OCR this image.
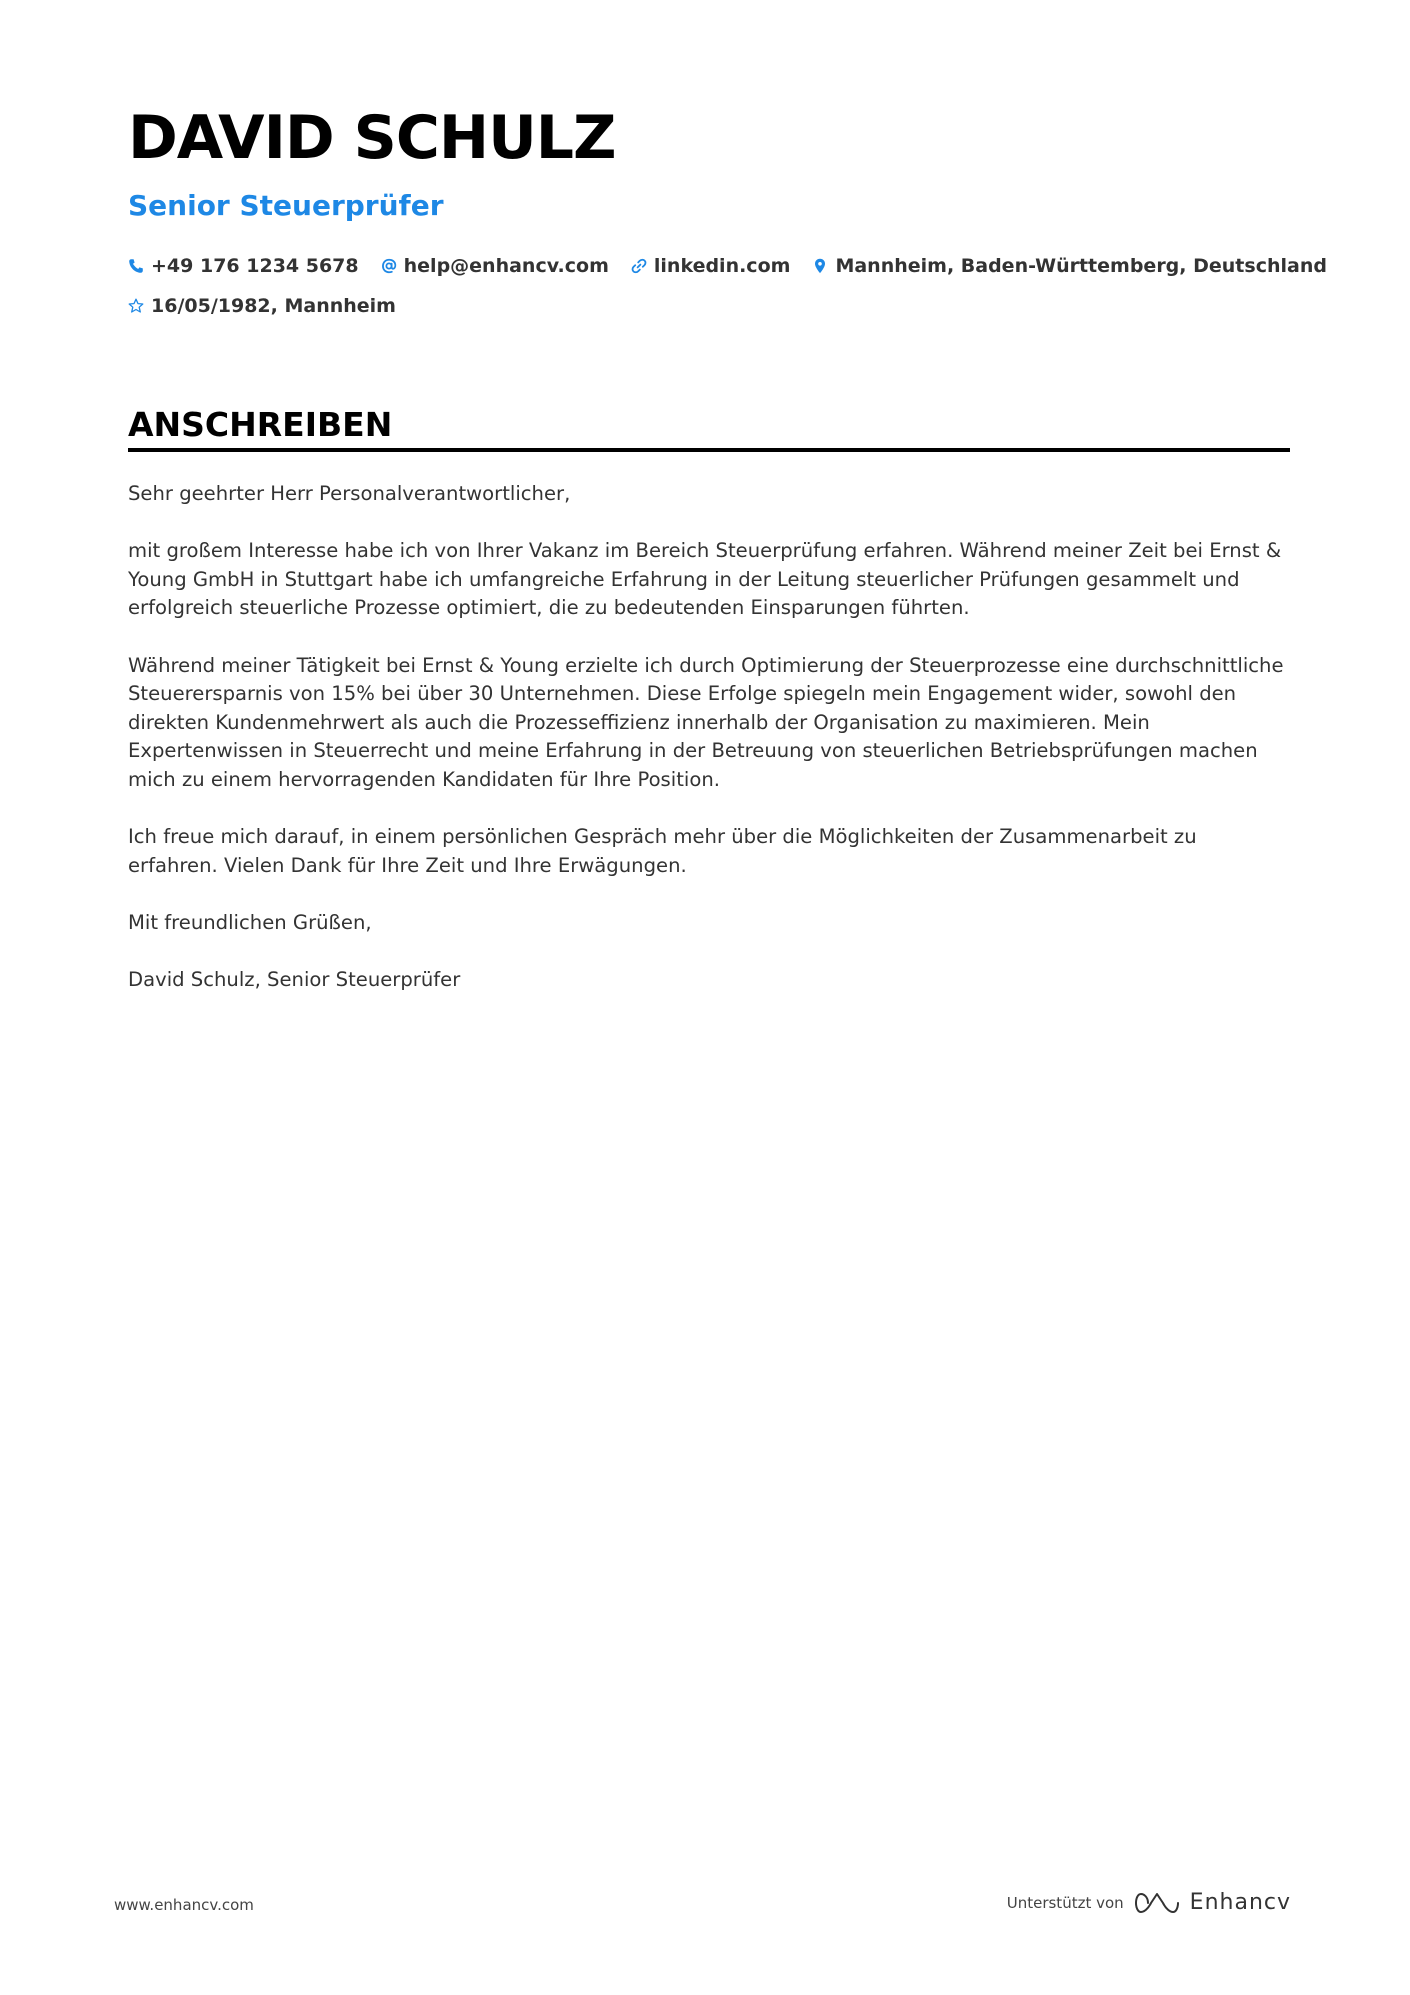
DAVID SCHULZ
Senior Steuerprüfer
+49 176 1234 5678 help@enhancv.com linkedin.com Mannheim, Baden-Württemberg, Deutschland
16/05/1982, Mannheim
ANSCHREIBEN

Sehr geehrter Herr Personalverantwortlicher,

mit großem Interesse habe ich von Ihrer Vakanz im Bereich Steuerprüfung erfahren. Während meiner Zeit bei Ernst & Young GmbH in Stuttgart habe ich umfangreiche Erfahrung in der Leitung steuerlicher Prüfungen gesammelt und erfolgreich steuerliche Prozesse optimiert, die zu bedeutenden Einsparungen führten.

Während meiner Tätigkeit bei Ernst & Young erzielte ich durch Optimierung der Steuerprozesse eine durchschnittliche Steuerersparnis von 15% bei über 30 Unternehmen. Diese Erfolge spiegeln mein Engagement wider, sowohl den direkten Kundenmehrwert als auch die Prozesseffizienz innerhalb der Organisation zu maximieren. Mein Expertenwissen in Steuerrecht und meine Erfahrung in der Betreuung von steuerlichen Betriebsprüfungen machen mich zu einem hervorragenden Kandidaten für Ihre Position.

Ich freue mich darauf, in einem persönlichen Gespräch mehr über die Möglichkeiten der Zusammenarbeit zu erfahren. Vielen Dank für Ihre Zeit und Ihre Erwägungen.

Mit freundlichen Grüßen,

David Schulz, Senior Steuerprüfer

www.enhancv.com	Unterstützt von	Enhancv
